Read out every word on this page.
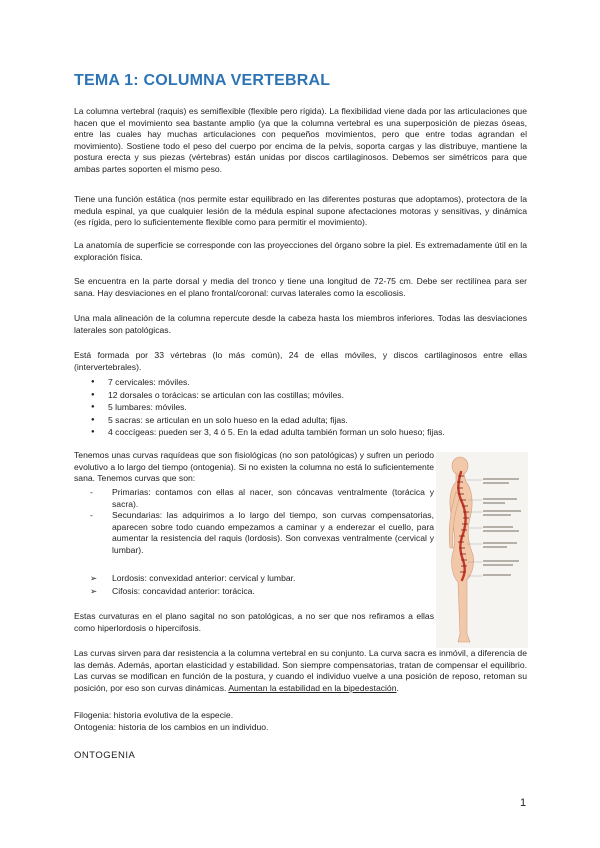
TEMA 1: COLUMNA VERTEBRAL
La columna vertebral (raquis) es semiflexible (flexible pero rígida). La flexibilidad viene dada por las articulaciones que hacen que el movimiento sea bastante amplio (ya que la columna vertebral es una superposición de piezas óseas, entre las cuales hay muchas articulaciones con pequeños movimientos, pero que entre todas agrandan el movimiento). Sostiene todo el peso del cuerpo por encima de la pelvis, soporta cargas y las distribuye, mantiene la postura erecta y sus piezas (vértebras) están unidas por discos cartilaginosos. Debemos ser simétricos para que ambas partes soporten el mismo peso.
Tiene una función estática (nos permite estar equilibrado en las diferentes posturas que adoptamos), protectora de la medula espinal, ya que cualquier lesión de la médula espinal supone afectaciones motoras y sensitivas, y dinámica (es rígida, pero lo suficientemente flexible como para permitir el movimiento).
La anatomía de superficie se corresponde con las proyecciones del órgano sobre la piel. Es extremadamente útil en la exploración física.
Se encuentra en la parte dorsal y media del tronco y tiene una longitud de 72-75 cm. Debe ser rectilínea para ser sana. Hay desviaciones en el plano frontal/coronal: curvas laterales como la escoliosis.
Una mala alineación de la columna repercute desde la cabeza hasta los miembros inferiores. Todas las desviaciones laterales son patológicas.
Está formada por 33 vértebras (lo más común), 24 de ellas móviles, y discos cartilaginosos entre ellas (intervertebrales).
● 7 cervicales: móviles.
● 12 dorsales o torácicas: se articulan con las costillas; móviles.
● 5 lumbares: móviles.
● 5 sacras: se articulan en un solo hueso en la edad adulta; fijas.
● 4 coccígeas: pueden ser 3, 4 ó 5. En la edad adulta también forman un solo hueso; fijas.
Tenemos unas curvas raquídeas que son fisiológicas (no son patológicas) y sufren un periodo evolutivo a lo largo del tiempo (ontogenia). Si no existen la columna no está lo suficientemente sana. Tenemos curvas que son:
- Primarias: contamos con ellas al nacer, son cóncavas ventralmente (torácica y sacra).
- Secundarias: las adquirimos a lo largo del tiempo, son curvas compensatorias, aparecen sobre todo cuando empezamos a caminar y a enderezar el cuello, para aumentar la resistencia del raquis (lordosis). Son convexas ventralmente (cervical y lumbar).
➢ Lordosis: convexidad anterior: cervical y lumbar.
➢ Cifosis: concavidad anterior: torácica.
Estas curvaturas en el plano sagital no son patológicas, a no ser que nos refiramos a ellas como hiperlordosis o hipercifosis.
Las curvas sirven para dar resistencia a la columna vertebral en su conjunto. La curva sacra es inmóvil, a diferencia de las demás. Además, aportan elasticidad y estabilidad. Son siempre compensatorias, tratan de compensar el equilibrio. Las curvas se modifican en función de la postura, y cuando el individuo vuelve a una posición de reposo, retoman su posición, por eso son curvas dinámicas. Aumentan la estabilidad en la bipedestación.
Filogenia: historia evolutiva de la especie.
Ontogenia: historia de los cambios en un individuo.
ONTOGENIA
1
